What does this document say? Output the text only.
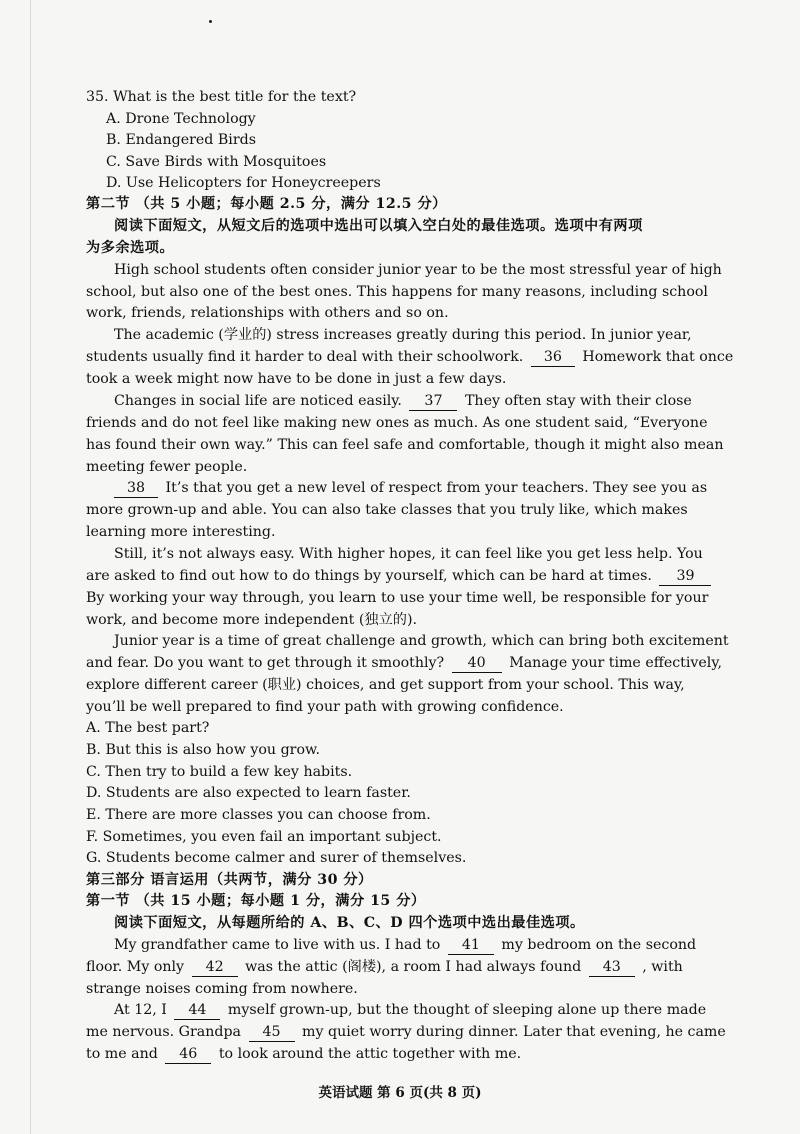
35. What is the best title for the text?
A. Drone Technology
B. Endangered Birds
C. Save Birds with Mosquitoes
D. Use Helicopters for Honeycreepers
第二节 （共 5 小题；每小题 2.5 分，满分 12.5 分）
阅读下面短文，从短文后的选项中选出可以填入空白处的最佳选项。选项中有两项
为多余选项。
High school students often consider junior year to be the most stressful year of high
school, but also one of the best ones. This happens for many reasons, including school
work, friends, relationships with others and so on.
The academic (学业的) stress increases greatly during this period. In junior year,
students usually find it harder to deal with their schoolwork. 36 Homework that once
took a week might now have to be done in just a few days.
Changes in social life are noticed easily. 37 They often stay with their close
friends and do not feel like making new ones as much. As one student said, “Everyone
has found their own way.” This can feel safe and comfortable, though it might also mean
meeting fewer people.
38 It’s that you get a new level of respect from your teachers. They see you as
more grown-up and able. You can also take classes that you truly like, which makes
learning more interesting.
Still, it’s not always easy. With higher hopes, it can feel like you get less help. You
are asked to find out how to do things by yourself, which can be hard at times. 39
By working your way through, you learn to use your time well, be responsible for your
work, and become more independent (独立的).
Junior year is a time of great challenge and growth, which can bring both excitement
and fear. Do you want to get through it smoothly? 40 Manage your time effectively,
explore different career (职业) choices, and get support from your school. This way,
you’ll be well prepared to find your path with growing confidence.
A. The best part?
B. But this is also how you grow.
C. Then try to build a few key habits.
D. Students are also expected to learn faster.
E. There are more classes you can choose from.
F. Sometimes, you even fail an important subject.
G. Students become calmer and surer of themselves.
第三部分 语言运用（共两节，满分 30 分）
第一节 （共 15 小题；每小题 1 分，满分 15 分）
阅读下面短文，从每题所给的 A、B、C、D 四个选项中选出最佳选项。
My grandfather came to live with us. I had to 41 my bedroom on the second
floor. My only 42 was the attic (阁楼), a room I had always found 43 , with
strange noises coming from nowhere.
At 12, I 44 myself grown-up, but the thought of sleeping alone up there made
me nervous. Grandpa 45 my quiet worry during dinner. Later that evening, he came
to me and 46 to look around the attic together with me.
英语试题 第 6 页(共 8 页)
